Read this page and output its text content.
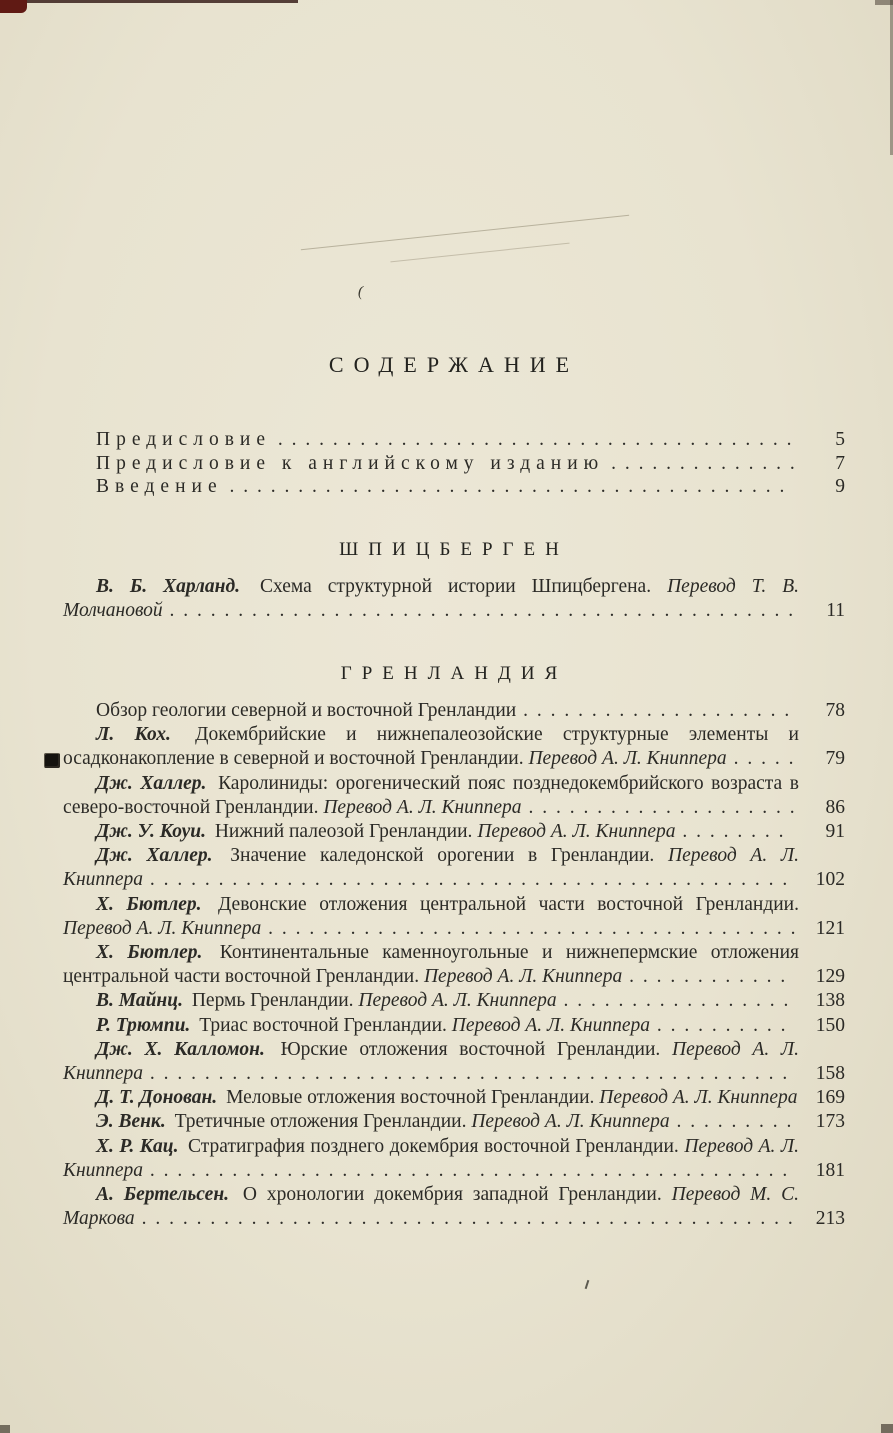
(
СОДЕРЖАНИЕ
Предисловие . . . . . . . . . . . . . . . . . . . . . . . . . . . . . . . . . . . . . .	5
Предисловие к английскому изданию . . . . . . . . . . . . . .	7
Введение . . . . . . . . . . . . . . . . . . . . . . . . . . . . . . . . . . . . . . . . .	9
ШПИЦБЕРГЕН
В. Б. Харланд. Схема структурной истории Шпицбергена. Перевод Т. В. Молчановой . . . . . . . . . . . . . . . . . . . . . . . . . . . . . . . . . . . . . . . . . . . . . .	11
ГРЕНЛАНДИЯ
Обзор геологии северной и восточной Гренландии . . . . . . . . . . . . . . . . . . . .	78
Л. Кох. Докембрийские и нижнепалеозойские структурные элементы и осадконакопление в северной и восточной Гренландии. Перевод А. Л. Книппера . . . . .	79
Дж. Халлер. Каролиниды: орогенический пояс позднедокембрийского возраста в северо-восточной Гренландии. Перевод А. Л. Книппера . . . . . . . . . . . . . . . . . . . .	86
Дж. У. Коуи. Нижний палеозой Гренландии. Перевод А. Л. Книппера . . . . . . . .	91
Дж. Халлер. Значение каледонской орогении в Гренландии. Перевод А. Л. Книппера . . . . . . . . . . . . . . . . . . . . . . . . . . . . . . . . . . . . . . . . . . . . . . .	102
Х. Бютлер. Девонские отложения центральной части восточной Гренландии. Перевод А. Л. Книппера . . . . . . . . . . . . . . . . . . . . . . . . . . . . . . . . . . . . . . . 121
Х. Бютлер. Континентальные каменноугольные и нижнепермские отложения центральной части восточной Гренландии. Перевод А. Л. Книппера . . . . . . . . . . . .	129
В. Майнц. Пермь Гренландии. Перевод А. Л. Книппера . . . . . . . . . . . . . . . . .	138
Р. Трюмпи. Триас восточной Гренландии. Перевод А. Л. Книппера . . . . . . . . . .	150
Дж. Х. Калломон. Юрские отложения восточной Гренландии. Перевод А. Л. Книппера . . . . . . . . . . . . . . . . . . . . . . . . . . . . . . . . . . . . . . . . . . . . . . .	158
Д. Т. Донован. Меловые отложения восточной Гренландии. Перевод А. Л. Книппера 169
Э. Венк. Третичные отложения Гренландии. Перевод А. Л. Книппера . . . . . . . . .	173
Х. Р. Кац. Стратиграфия позднего докембрия восточной Гренландии. Перевод А. Л. Книппера . . . . . . . . . . . . . . . . . . . . . . . . . . . . . . . . . . . . . . . . . . . . . . .	181
А. Бертельсен. О хронологии докембрия западной Гренландии. Перевод М. С. Маркова . . . . . . . . . . . . . . . . . . . . . . . . . . . . . . . . . . . . . . . . . . . . . . . .	213
